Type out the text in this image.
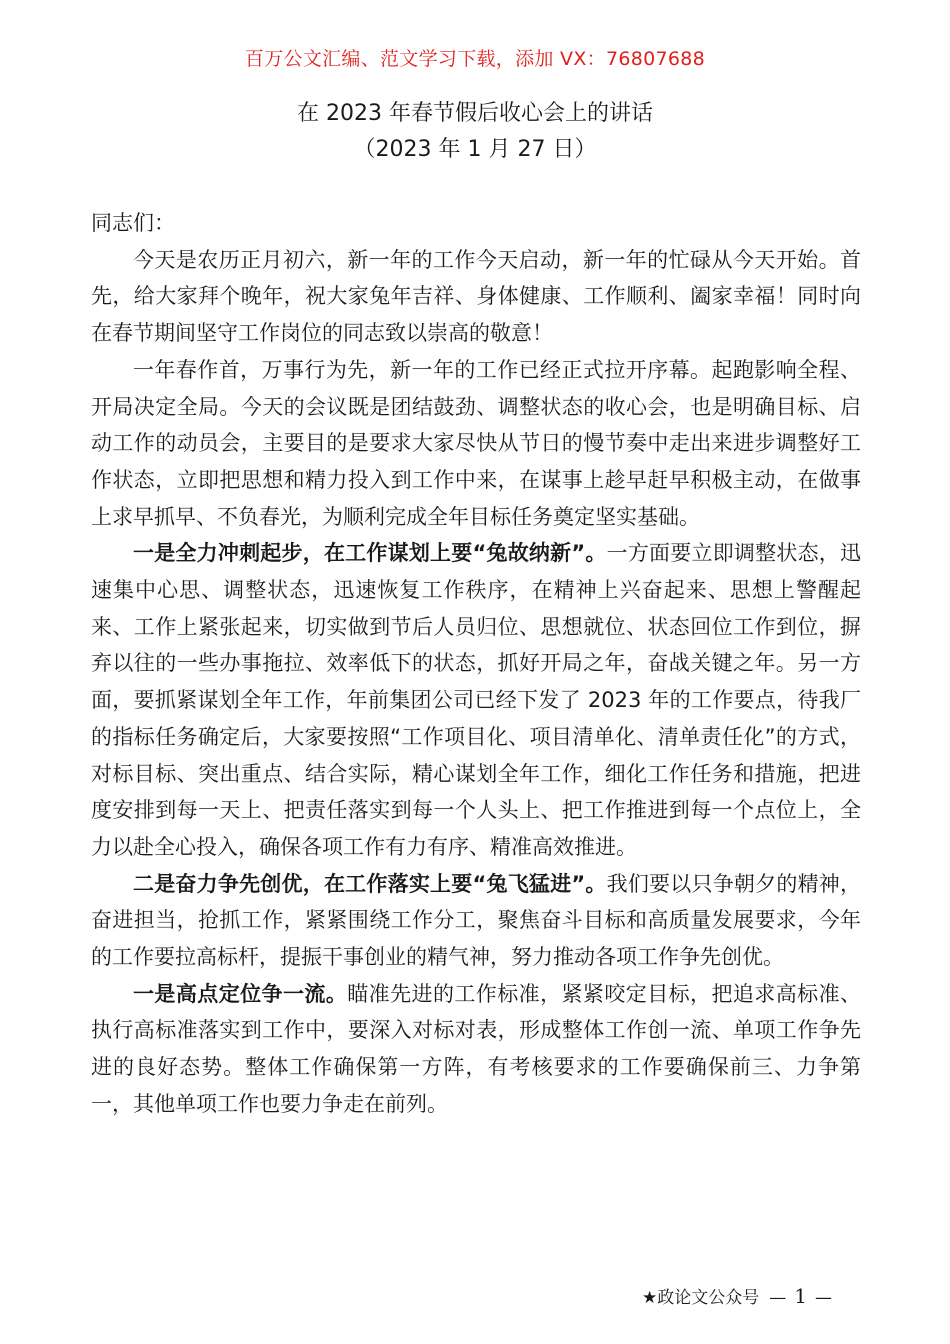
百万公文汇编、范文学习下载，添加 VX：76807688
在 2023 年春节假后收心会上的讲话
（2023 年 1 月 27 日）

同志们：

今天是农历正月初六，新一年的工作今天启动，新一年的忙碌从今天开始。首先，给大家拜个晚年，祝大家兔年吉祥、身体健康、工作顺利、阖家幸福！同时向在春节期间坚守工作岗位的同志致以崇高的敬意！

一年春作首，万事行为先，新一年的工作已经正式拉开序幕。起跑影响全程、开局决定全局。今天的会议既是团结鼓劲、调整状态的收心会，也是明确目标、启动工作的动员会，主要目的是要求大家尽快从节日的慢节奏中走出来进步调整好工作状态，立即把思想和精力投入到工作中来，在谋事上趁早赶早积极主动，在做事上求早抓早、不负春光，为顺利完成全年目标任务奠定坚实基础。

一是全力冲刺起步，在工作谋划上要“兔故纳新”。一方面要立即调整状态，迅速集中心思、调整状态，迅速恢复工作秩序，在精神上兴奋起来、思想上警醒起来、工作上紧张起来，切实做到节后人员归位、思想就位、状态回位工作到位，摒弃以往的一些办事拖拉、效率低下的状态，抓好开局之年，奋战关键之年。另一方面，要抓紧谋划全年工作，年前集团公司已经下发了 2023 年的工作要点，待我厂的指标任务确定后，大家要按照“工作项目化、项目清单化、清单责任化”的方式，对标目标、突出重点、结合实际，精心谋划全年工作，细化工作任务和措施，把进度安排到每一天上、把责任落实到每一个人头上、把工作推进到每一个点位上，全力以赴全心投入，确保各项工作有力有序、精准高效推进。

二是奋力争先创优，在工作落实上要“兔飞猛进”。我们要以只争朝夕的精神，奋进担当，抢抓工作，紧紧围绕工作分工，聚焦奋斗目标和高质量发展要求，今年的工作要拉高标杆，提振干事创业的精气神，努力推动各项工作争先创优。

一是高点定位争一流。瞄准先进的工作标准，紧紧咬定目标，把追求高标准、执行高标准落实到工作中，要深入对标对表，形成整体工作创一流、单项工作争先进的良好态势。整体工作确保第一方阵，有考核要求的工作要确保前三、力争第一，其他单项工作也要力争走在前列。

★政论文公众号 — 1 —
